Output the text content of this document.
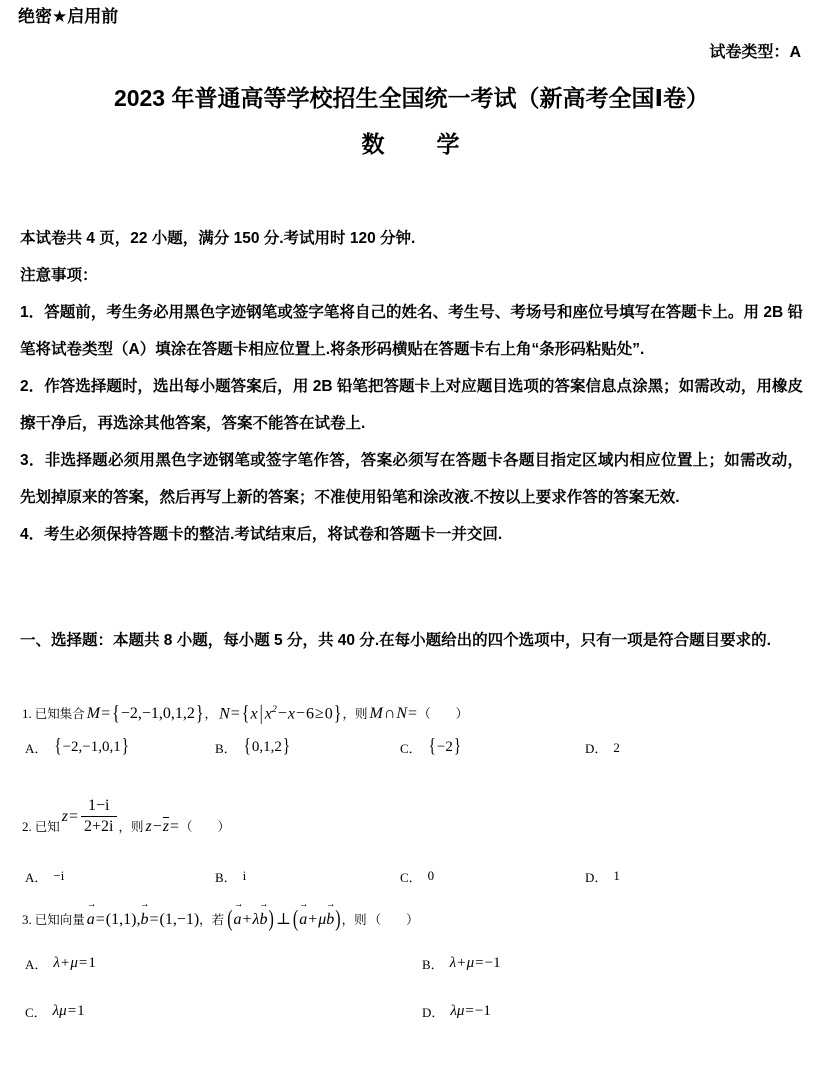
绝密★启用前
试卷类型：A
2023 年普通高等学校招生全国统一考试（新高考全国Ⅰ卷）
数　　学
本试卷共 4 页，22 小题，满分 150 分.考试用时 120 分钟.
注意事项：
1．答题前，考生务必用黑色字迹钢笔或签字笔将自己的姓名、考生号、考场号和座位号填写在答题卡上。用 2B 铅笔将试卷类型（A）填涂在答题卡相应位置上.将条形码横贴在答题卡右上角“条形码粘贴处”.
2．作答选择题时，选出每小题答案后，用 2B 铅笔把答题卡上对应题目选项的答案信息点涂黑；如需改动，用橡皮擦干净后，再选涂其他答案，答案不能答在试卷上.
3．非选择题必须用黑色字迹钢笔或签字笔作答，答案必须写在答题卡各题目指定区域内相应位置上；如需改动，先划掉原来的答案，然后再写上新的答案；不准使用铅笔和涂改液.不按以上要求作答的答案无效.
4．考生必须保持答题卡的整洁.考试结束后，将试卷和答题卡一并交回.
一、选择题：本题共 8 小题，每小题 5 分，共 40 分.在每小题给出的四个选项中，只有一项是符合题目要求的.
1. 已知集合 M= {−2,−1,0,1,2} ， N= {x | $x^2-x-6\ge 0$} ，则 M∩N= （　　）
A． {−2,−1,0,1}	B． {0,1,2}	C． {−2}	D． 2
2. 已知
$z= \frac{1-i}{2+2i}$ ，则 z−z= （　　）
A． −i	B． i	C． 0	D． 1
3. 已知向量 → a=(1,1) , → b=(1,−1) ，若 (→ a+λ→ b) ⊥ (→ a+μ→ b) ，则 （　　）
A． λ+μ=1	B． λ+μ=−1
C． λμ=1	D． λμ=−1
